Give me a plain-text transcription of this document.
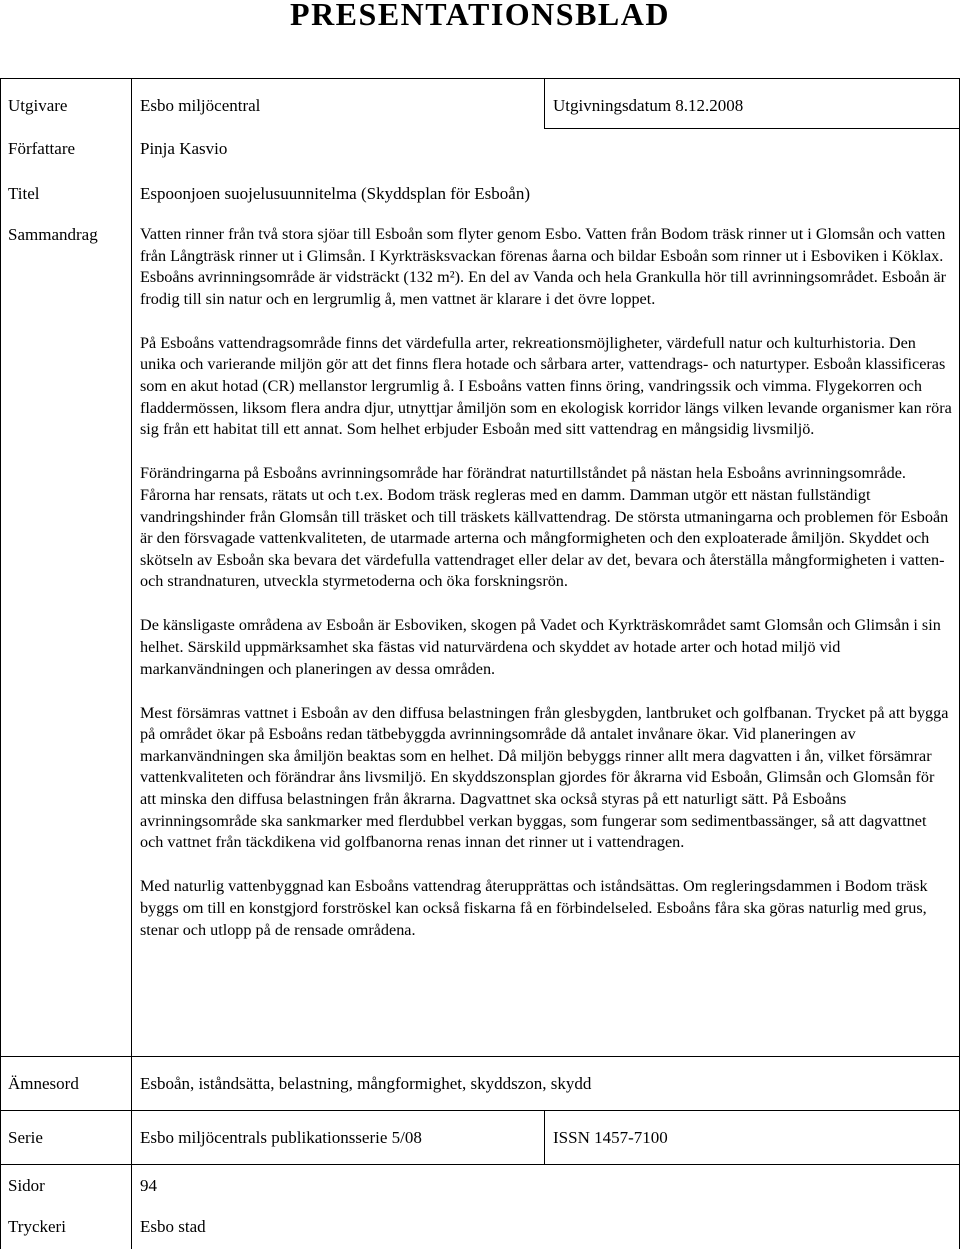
PRESENTATIONSBLAD
Utgivare	Esbo miljöcentral	Utgivningsdatum 8.12.2008
Författare	Pinja Kasvio
Titel	Espoonjoen suojelusuunnitelma (Skyddsplan för Esboån)
Sammandrag	Vatten rinner från två stora sjöar till Esboån som flyter genom Esbo. Vatten från Bodom träsk rinner ut i Glomsån och vatten från Långträsk rinner ut i Glimsån. I Kyrkträsksvackan förenas åarna och bildar Esboån som rinner ut i Esboviken i Köklax. Esboåns avrinningsområde är vidsträckt (132 m²). En del av Vanda och hela Grankulla hör till avrinningsområdet. Esboån är frodig till sin natur och en lergrumlig å, men vattnet är klarare i det övre loppet.

På Esboåns vattendragsområde finns det värdefulla arter, rekreationsmöjligheter, värdefull natur och kulturhistoria. Den unika och varierande miljön gör att det finns flera hotade och sårbara arter, vattendrags- och naturtyper. Esboån klassificeras som en akut hotad (CR) mellanstor lergrumlig å. I Esboåns vatten finns öring, vandringssik och vimma. Flygekorren och fladdermössen, liksom flera andra djur, utnyttjar åmiljön som en ekologisk korridor längs vilken levande organismer kan röra sig från ett habitat till ett annat. Som helhet erbjuder Esboån med sitt vattendrag en mångsidig livsmiljö.

Förändringarna på Esboåns avrinningsområde har förändrat naturtillståndet på nästan hela Esboåns avrinningsområde. Fårorna har rensats, rätats ut och t.ex. Bodom träsk regleras med en damm. Damman utgör ett nästan fullständigt vandringshinder från Glomsån till träsket och till träskets källvattendrag. De största utmaningarna och problemen för Esboån är den försvagade vattenkvaliteten, de utarmade arterna och mångformigheten och den exploaterade åmiljön. Skyddet och skötseln av Esboån ska bevara det värdefulla vattendraget eller delar av det, bevara och återställa mångformigheten i vatten- och strandnaturen, utveckla styrmetoderna och öka forskningsrön.

De känsligaste områdena av Esboån är Esboviken, skogen på Vadet och Kyrkträskområdet samt Glomsån och Glimsån i sin helhet. Särskild uppmärksamhet ska fästas vid naturvärdena och skyddet av hotade arter och hotad miljö vid markanvändningen och planeringen av dessa områden.

Mest försämras vattnet i Esboån av den diffusa belastningen från glesbygden, lantbruket och golfbanan. Trycket på att bygga på området ökar på Esboåns redan tätbebyggda avrinningsområde då antalet invånare ökar. Vid planeringen av markanvändningen ska åmiljön beaktas som en helhet. Då miljön bebyggs rinner allt mera dagvatten i ån, vilket försämrar vattenkvaliteten och förändrar åns livsmiljö. En skyddszonsplan gjordes för åkrarna vid Esboån, Glimsån och Glomsån för att minska den diffusa belastningen från åkrarna. Dagvattnet ska också styras på ett naturligt sätt. På Esboåns avrinningsområde ska sankmarker med flerdubbel verkan byggas, som fungerar som sedimentbassänger, så att dagvattnet och vattnet från täckdikena vid golfbanorna renas innan det rinner ut i vattendragen.

Med naturlig vattenbyggnad kan Esboåns vattendrag återupprättas och iståndsättas. Om regleringsdammen i Bodom träsk byggs om till en konstgjord forströskel kan också fiskarna få en förbindelseled. Esboåns fåra ska göras naturlig med grus, stenar och utlopp på de rensade områdena.

Ämnesord	Esboån, iståndsätta, belastning, mångformighet, skyddszon, skydd
Serie	Esbo miljöcentrals publikationsserie 5/08	ISSN 1457-7100
Sidor	94
Tryckeri	Esbo stad
